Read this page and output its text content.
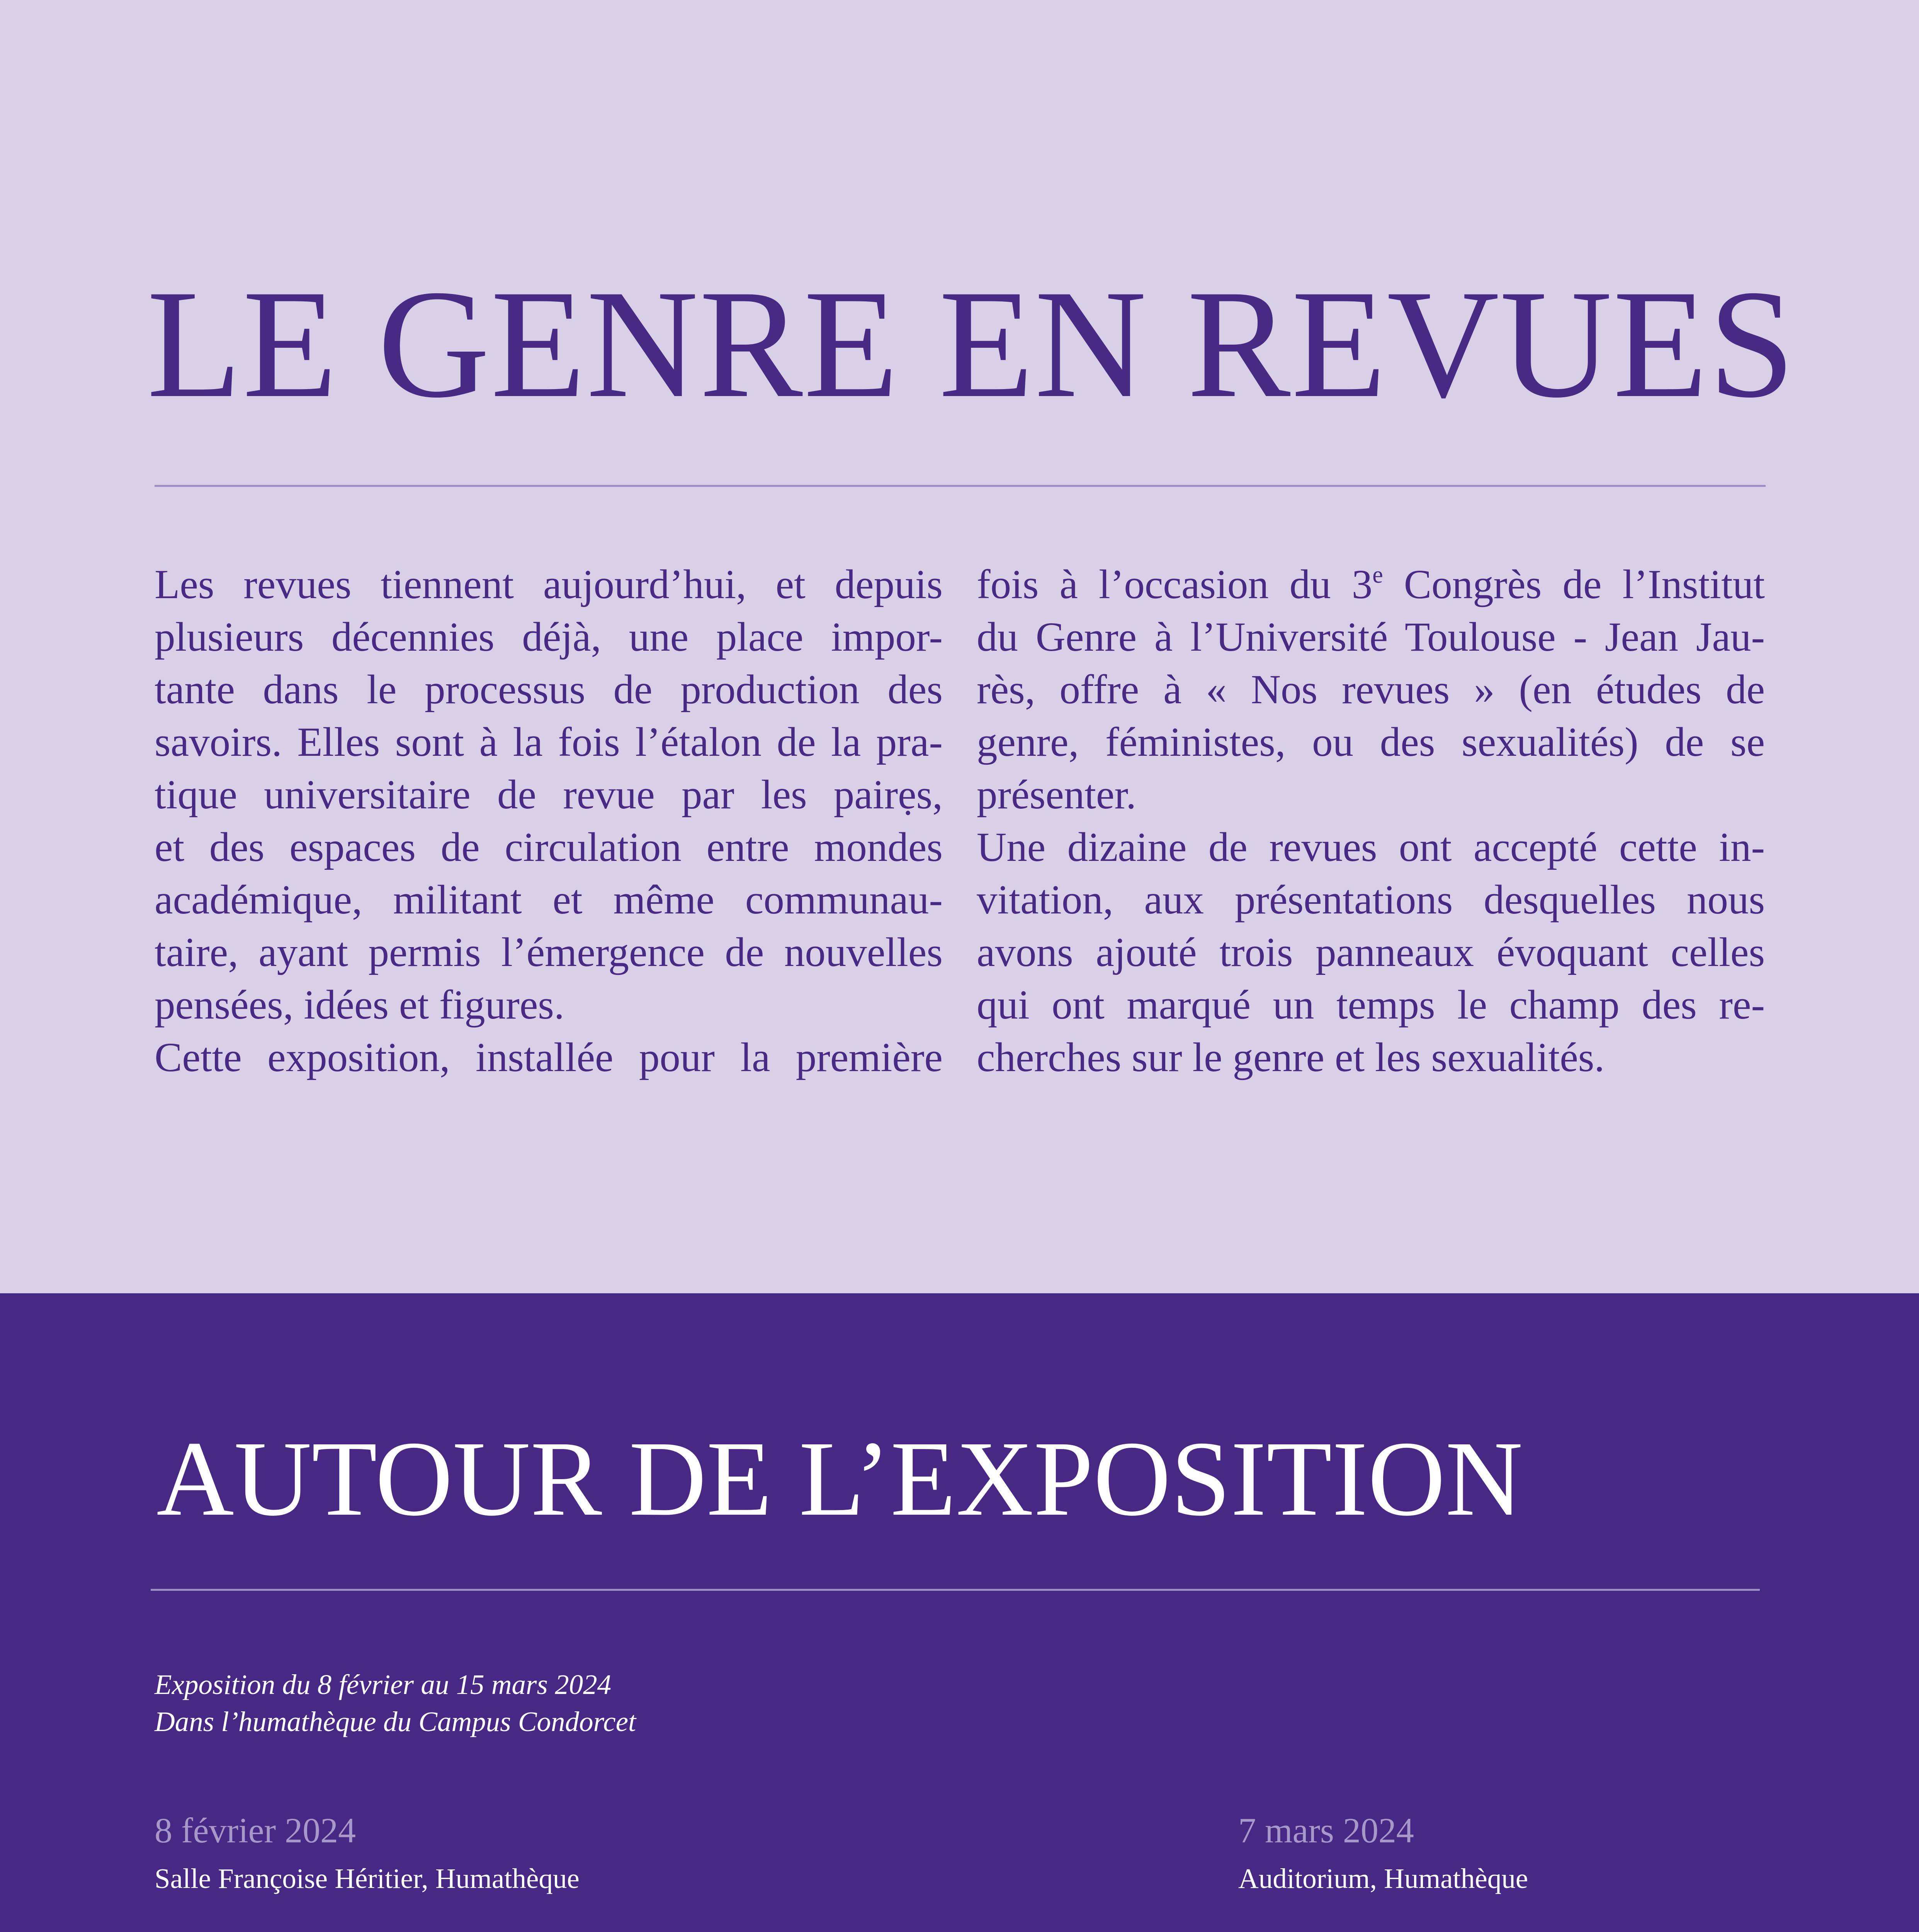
LE GENRE EN REVUES
Les revues tiennent aujourd’hui, et depuis
plusieurs décennies déjà, une place impor-
tante dans le processus de production des
savoirs. Elles sont à la fois l’étalon de la pra-
tique universitaire de revue par les pairẹs,
et des espaces de circulation entre mondes
académique, militant et même communau-
taire, ayant permis l’émergence de nouvelles
pensées, idées et figures.
Cette exposition, installée pour la première
fois à l’occasion du 3e Congrès de l’Institut
du Genre à l’Université Toulouse - Jean Jau-
rès, offre à « Nos revues » (en études de
genre, féministes, ou des sexualités) de se
présenter.
Une dizaine de revues ont accepté cette in-
vitation, aux présentations desquelles nous
avons ajouté trois panneaux évoquant celles
qui ont marqué un temps le champ des re-
cherches sur le genre et les sexualités.
AUTOUR DE L’EXPOSITION
Exposition du 8 février au 15 mars 2024
Dans l’humathèque du Campus Condorcet
8 février 2024
Salle Françoise Héritier, Humathèque
7 mars 2024
Auditorium, Humathèque
